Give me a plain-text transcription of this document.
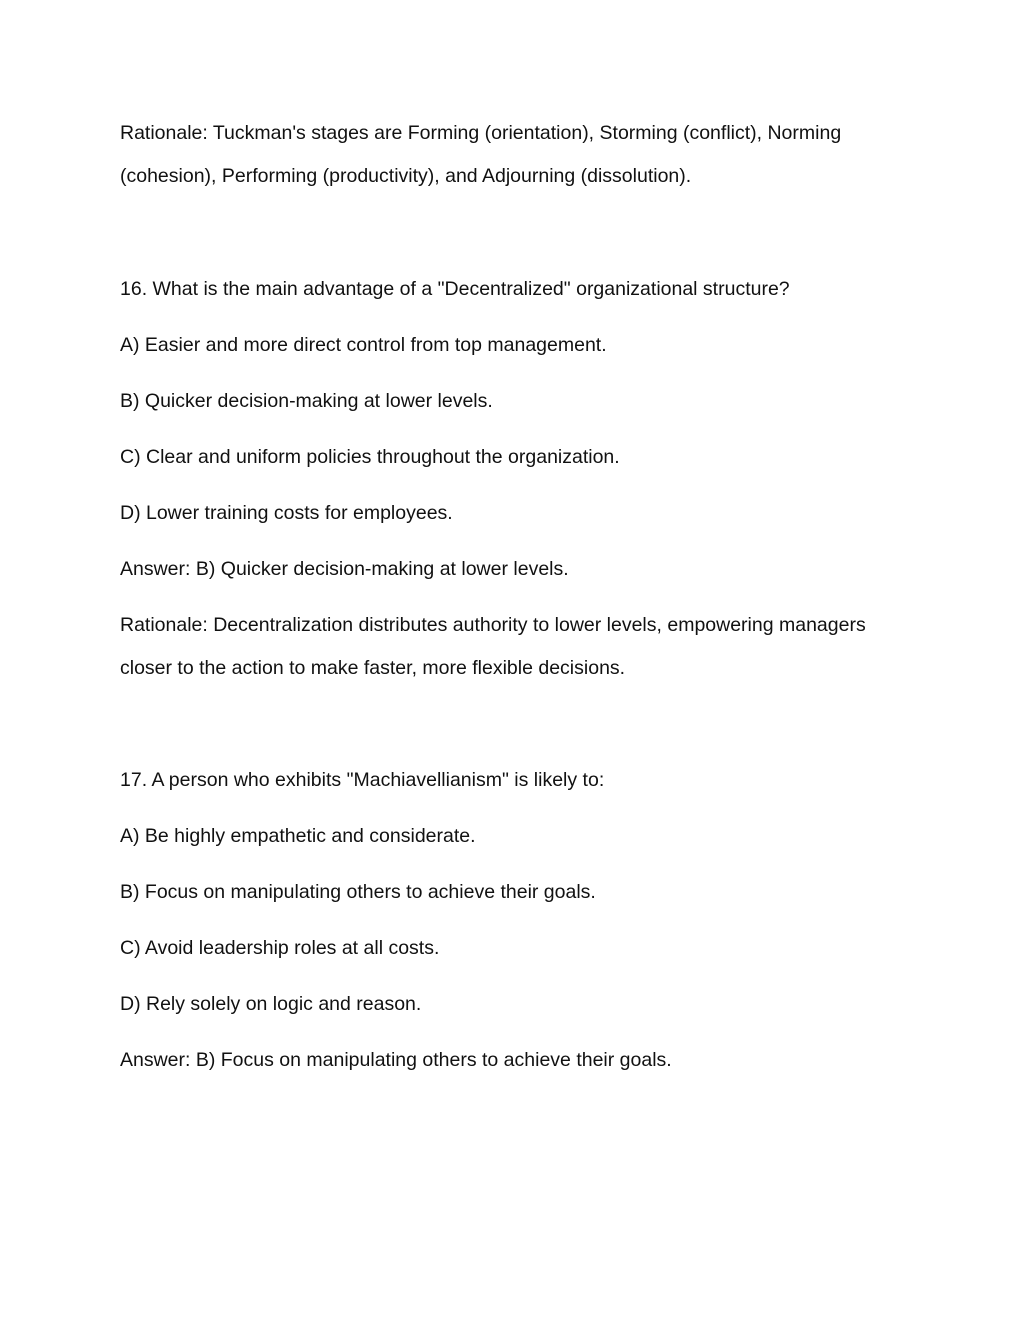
Rationale: Tuckman's stages are Forming (orientation), Storming (conflict), Norming (cohesion), Performing (productivity), and Adjourning (dissolution).

16. What is the main advantage of a "Decentralized" organizational structure?

A) Easier and more direct control from top management.

B) Quicker decision-making at lower levels.

C) Clear and uniform policies throughout the organization.

D) Lower training costs for employees.

Answer: B) Quicker decision-making at lower levels.

Rationale: Decentralization distributes authority to lower levels, empowering managers closer to the action to make faster, more flexible decisions.

17. A person who exhibits "Machiavellianism" is likely to:

A) Be highly empathetic and considerate.

B) Focus on manipulating others to achieve their goals.

C) Avoid leadership roles at all costs.

D) Rely solely on logic and reason.

Answer: B) Focus on manipulating others to achieve their goals.
